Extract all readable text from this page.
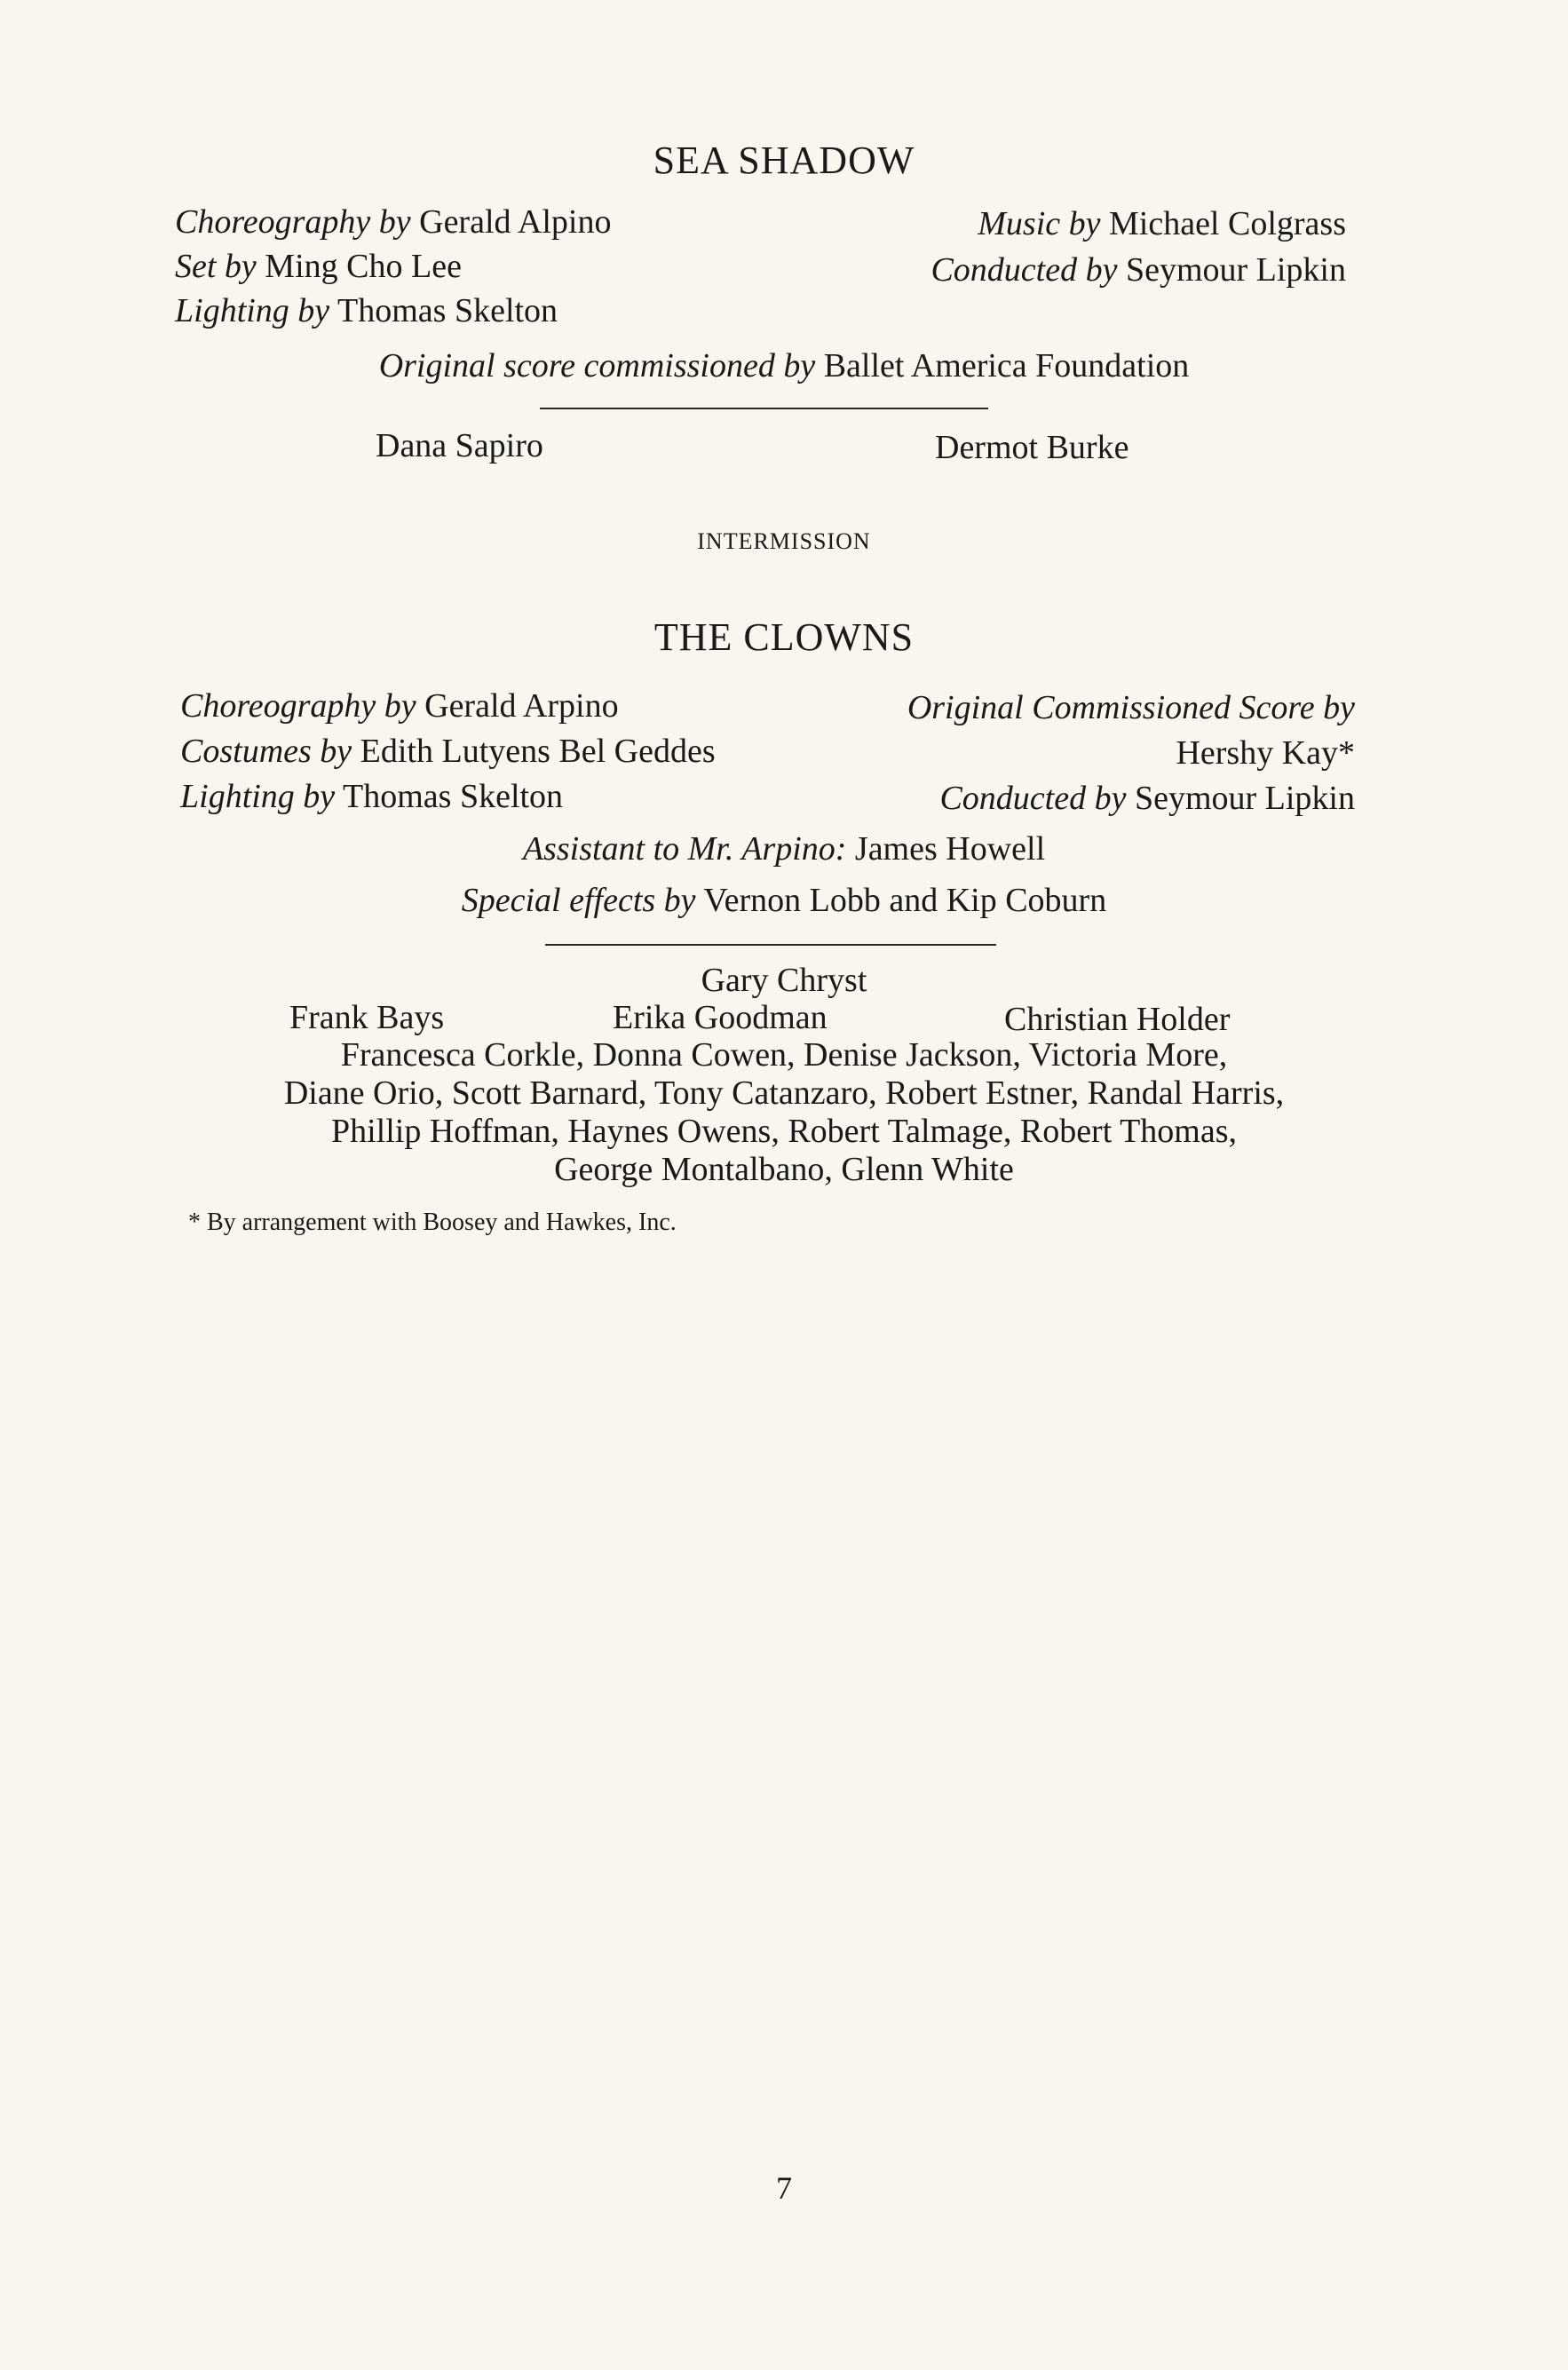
SEA SHADOW
Choreography by Gerald Alpino
Set by Ming Cho Lee
Lighting by Thomas Skelton
Music by Michael Colgrass
Conducted by Seymour Lipkin
Original score commissioned by Ballet America Foundation
Dana Sapiro	Dermot Burke
INTERMISSION
THE CLOWNS
Choreography by Gerald Arpino
Costumes by Edith Lutyens Bel Geddes
Lighting by Thomas Skelton
Original Commissioned Score by
Hershy Kay*
Conducted by Seymour Lipkin
Assistant to Mr. Arpino: James Howell
Special effects by Vernon Lobb and Kip Coburn
Gary Chryst
Frank Bays	Erika Goodman	Christian Holder
Francesca Corkle, Donna Cowen, Denise Jackson, Victoria More,
Diane Orio, Scott Barnard, Tony Catanzaro, Robert Estner, Randal Harris,
Phillip Hoffman, Haynes Owens, Robert Talmage, Robert Thomas,
George Montalbano, Glenn White
* By arrangement with Boosey and Hawkes, Inc.
7
